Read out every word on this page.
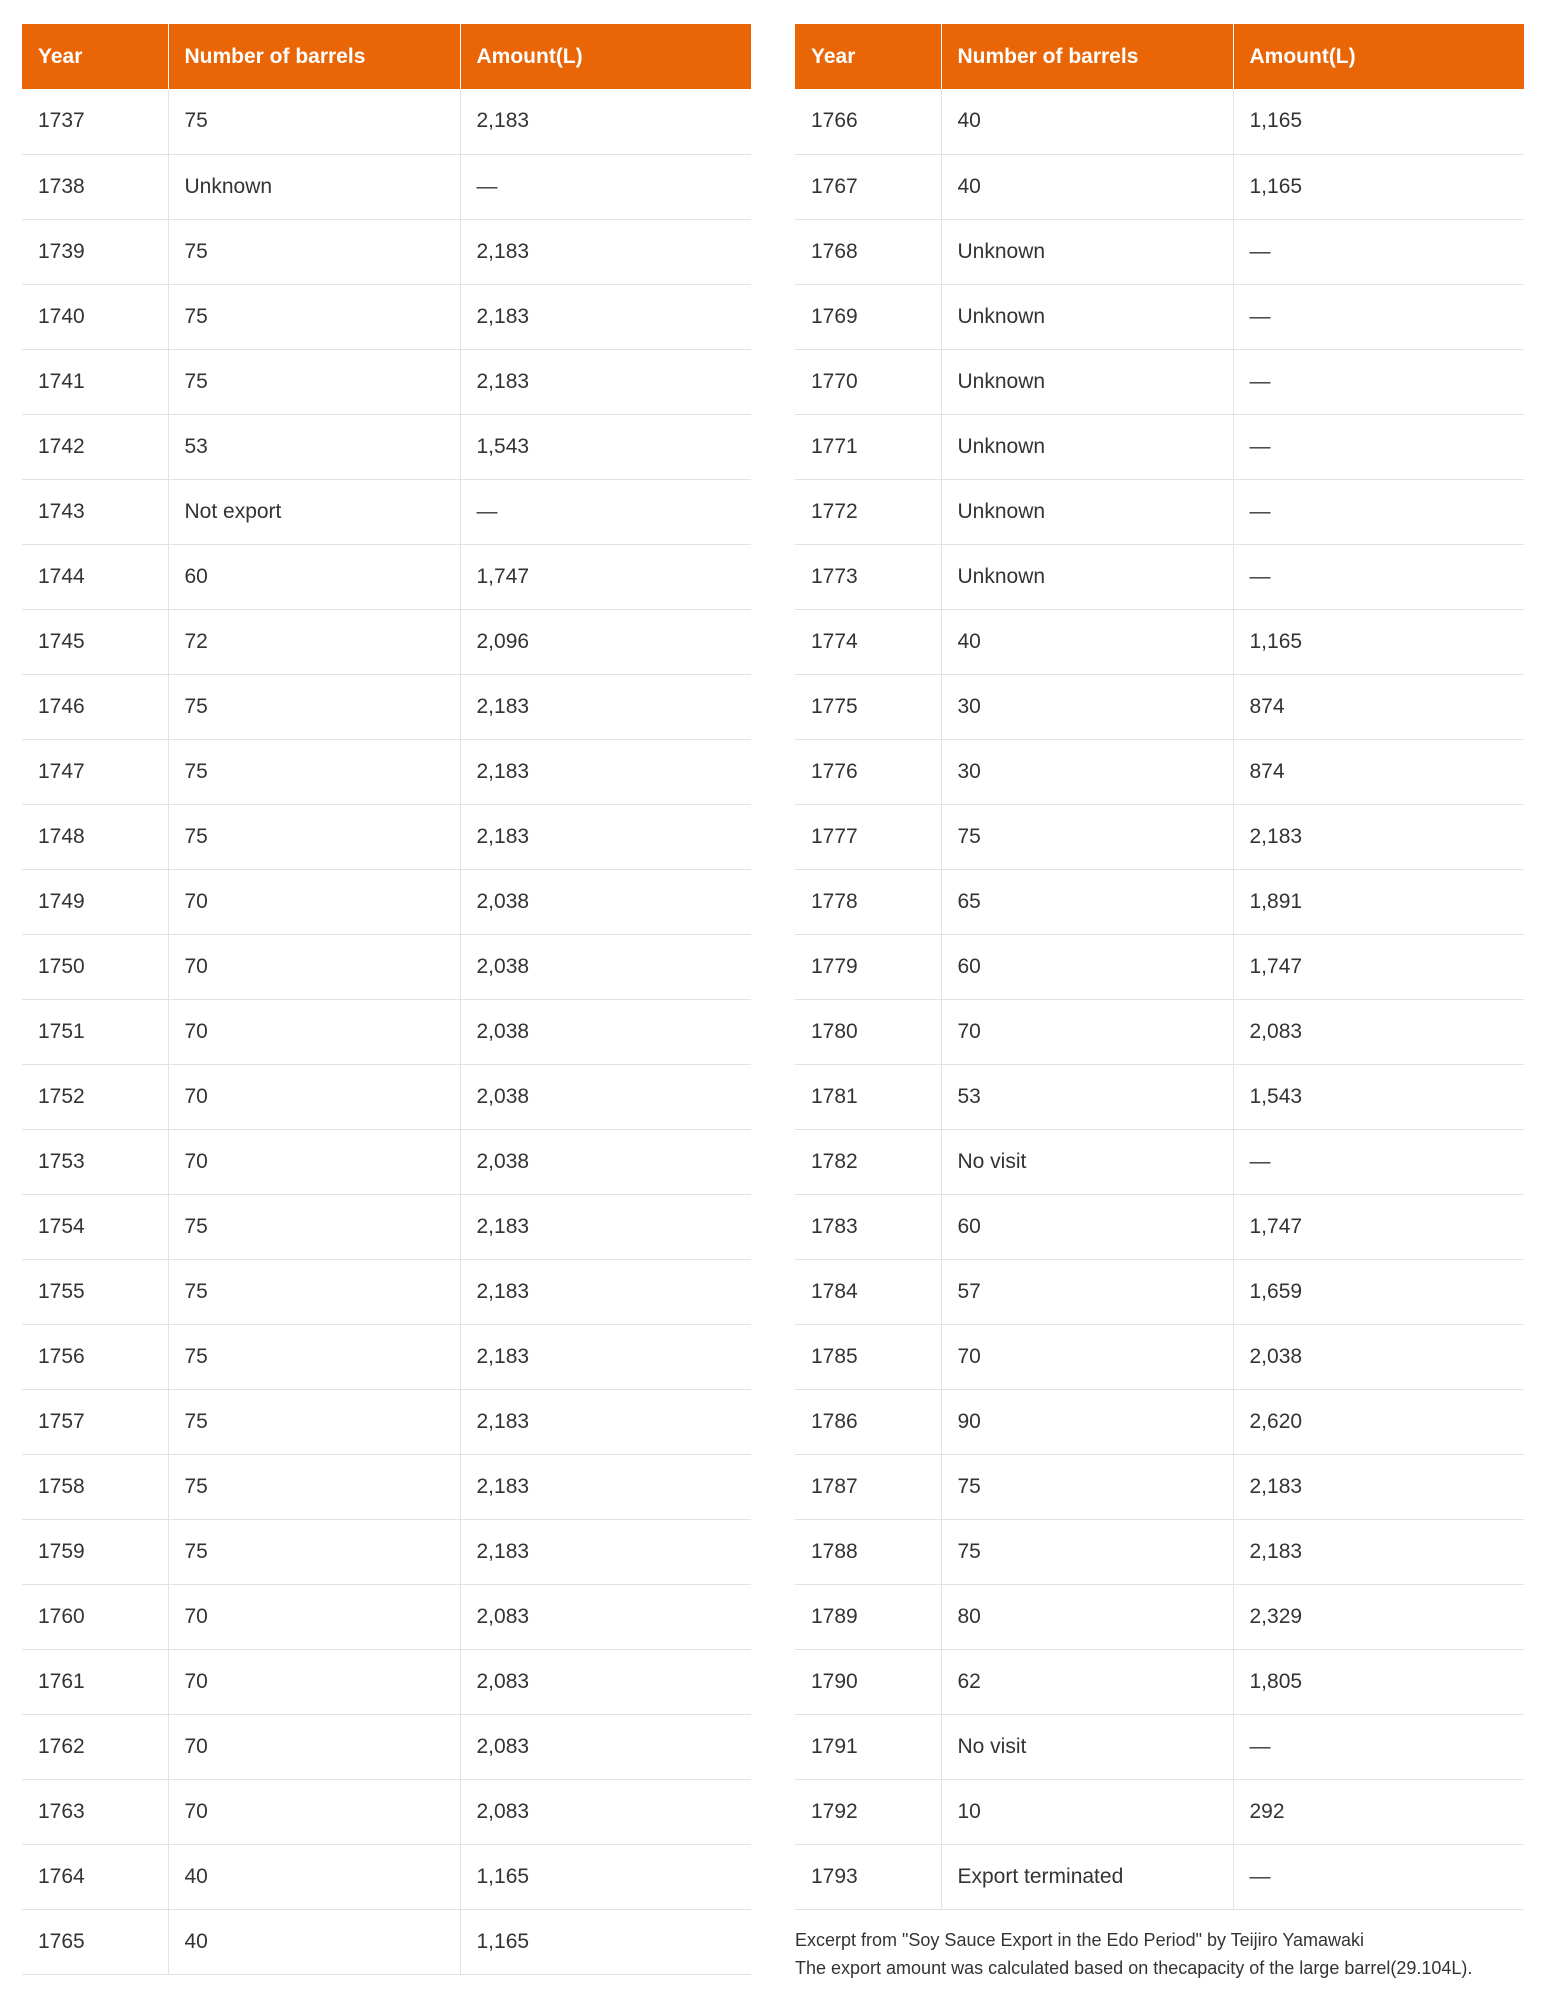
Year	Number of barrels	Amount(L)
1737	75	2,183
1738	Unknown	—
1739	75	2,183
1740	75	2,183
1741	75	2,183
1742	53	1,543
1743	Not export	—
1744	60	1,747
1745	72	2,096
1746	75	2,183
1747	75	2,183
1748	75	2,183
1749	70	2,038
1750	70	2,038
1751	70	2,038
1752	70	2,038
1753	70	2,038
1754	75	2,183
1755	75	2,183
1756	75	2,183
1757	75	2,183
1758	75	2,183
1759	75	2,183
1760	70	2,083
1761	70	2,083
1762	70	2,083
1763	70	2,083
1764	40	1,165
1765	40	1,165
Year	Number of barrels	Amount(L)
1766	40	1,165
1767	40	1,165
1768	Unknown	—
1769	Unknown	—
1770	Unknown	—
1771	Unknown	—
1772	Unknown	—
1773	Unknown	—
1774	40	1,165
1775	30	874
1776	30	874
1777	75	2,183
1778	65	1,891
1779	60	1,747
1780	70	2,083
1781	53	1,543
1782	No visit	—
1783	60	1,747
1784	57	1,659
1785	70	2,038
1786	90	2,620
1787	75	2,183
1788	75	2,183
1789	80	2,329
1790	62	1,805
1791	No visit	—
1792	10	292
1793	Export terminated	—
Excerpt from "Soy Sauce Export in the Edo Period" by Teijiro Yamawaki
The export amount was calculated based on thecapacity of the large barrel(29.104L).
